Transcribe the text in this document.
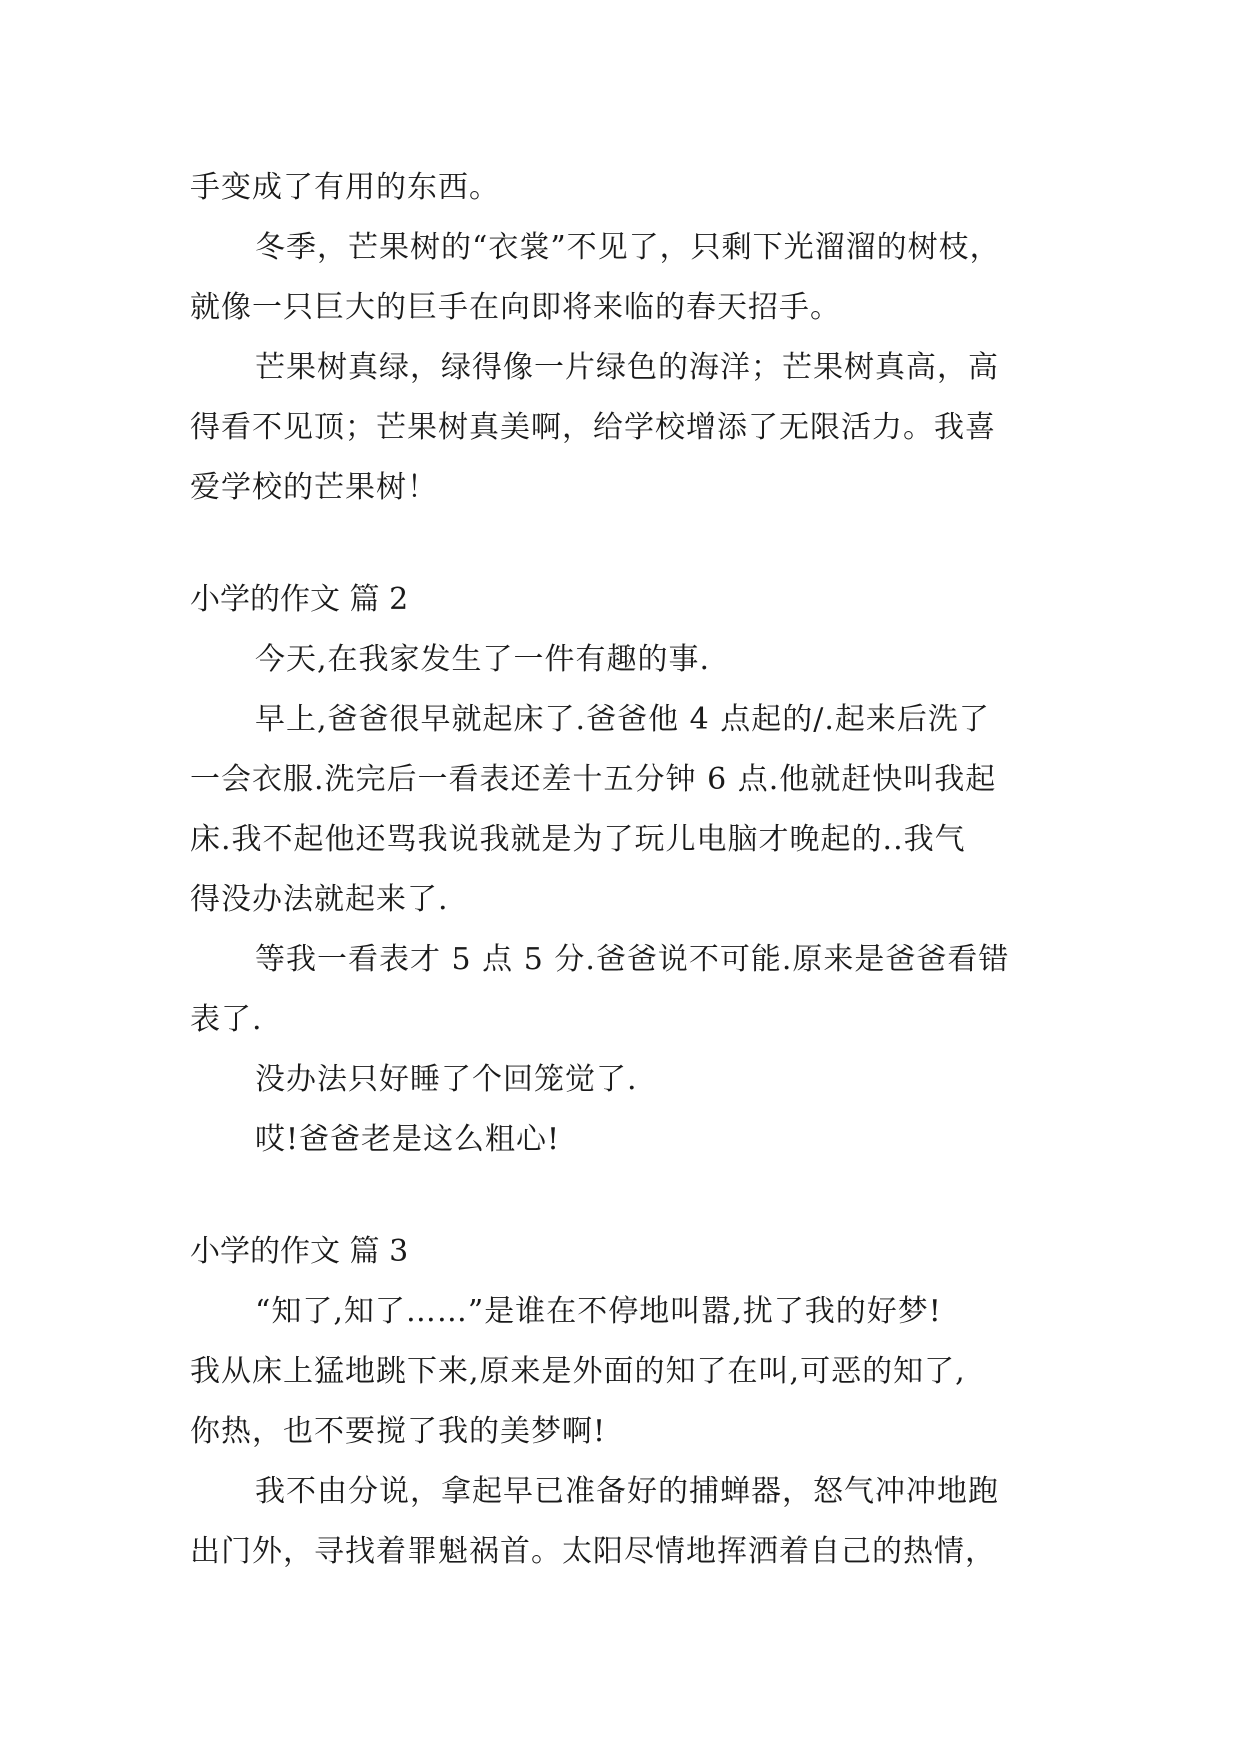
手变成了有用的东西。
冬季，芒果树的“衣裳”不见了，只剩下光溜溜的树枝，
就像一只巨大的巨手在向即将来临的春天招手。
芒果树真绿，绿得像一片绿色的海洋；芒果树真高，高
得看不见顶；芒果树真美啊，给学校增添了无限活力。我喜
爱学校的芒果树！
小学的作文 篇 2
今天,在我家发生了一件有趣的事.
早上,爸爸很早就起床了.爸爸他 4 点起的/.起来后洗了
一会衣服.洗完后一看表还差十五分钟 6 点.他就赶快叫我起
床.我不起他还骂我说我就是为了玩儿电脑才晚起的..我气
得没办法就起来了.
等我一看表才 5 点 5 分.爸爸说不可能.原来是爸爸看错
表了.
没办法只好睡了个回笼觉了.
哎!爸爸老是这么粗心!
小学的作文 篇 3
“知了,知了……”是谁在不停地叫嚣,扰了我的好梦!
我从床上猛地跳下来,原来是外面的知了在叫,可恶的知了,
你热，也不要搅了我的美梦啊!
我不由分说，拿起早已准备好的捕蝉器，怒气冲冲地跑
出门外，寻找着罪魁祸首。太阳尽情地挥洒着自己的热情，
